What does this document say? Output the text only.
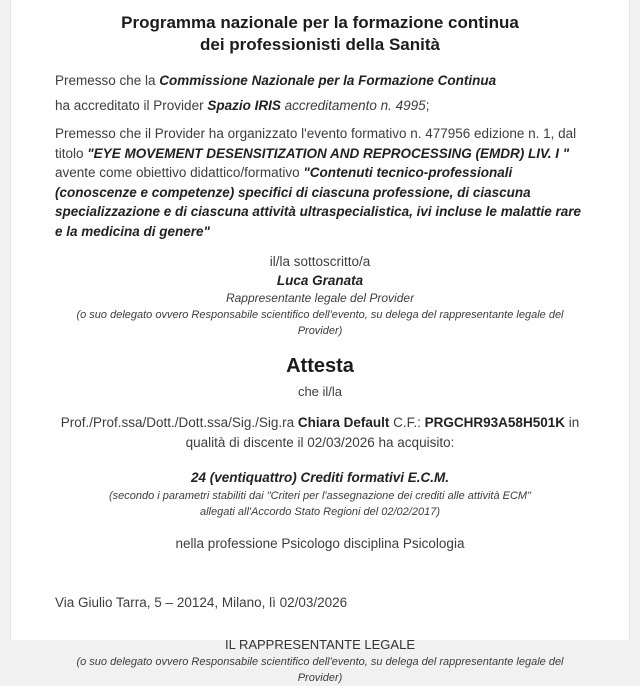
Programma nazionale per la formazione continua
dei professionisti della Sanità

Premesso che la Commissione Nazionale per la Formazione Continua
ha accreditato il Provider Spazio IRIS accreditamento n. 4995;

Premesso che il Provider ha organizzato l'evento formativo n. 477956 edizione n. 1, dal titolo "EYE MOVEMENT DESENSITIZATION AND REPROCESSING (EMDR) LIV. I " avente come obiettivo didattico/formativo "Contenuti tecnico-professionali (conoscenze e competenze) specifici di ciascuna professione, di ciascuna specializzazione e di ciascuna attività ultraspecialistica, ivi incluse le malattie rare e la medicina di genere"

il/la sottoscritto/a
Luca Granata
Rappresentante legale del Provider
(o suo delegato ovvero Responsabile scientifico dell'evento, su delega del rappresentante legale del Provider)
Attesta
che il/la

Prof./Prof.ssa/Dott./Dott.ssa/Sig./Sig.ra Chiara Default C.F.: PRGCHR93A58H501K in qualità di discente il 02/03/2026 ha acquisito:

24 (ventiquattro) Crediti formativi E.C.M.
(secondo i parametri stabiliti dai "Criteri per l'assegnazione dei crediti alle attività ECM"
allegati all'Accordo Stato Regioni del 02/02/2017)
nella professione Psicologo disciplina Psicologia
Via Giulio Tarra, 5 – 20124, Milano, lì 02/03/2026
IL RAPPRESENTANTE LEGALE
(o suo delegato ovvero Responsabile scientifico dell'evento, su delega del rappresentante legale del Provider)
